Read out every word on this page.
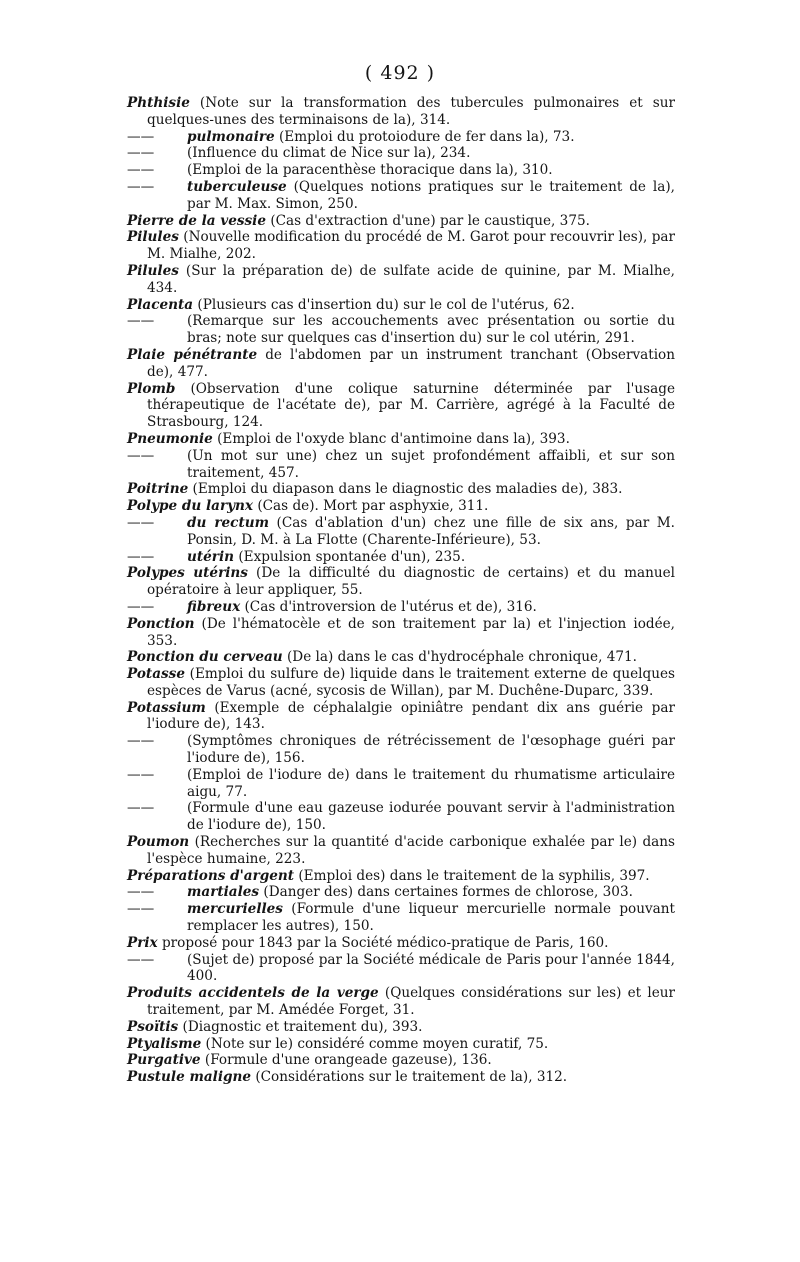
( 492 )

Phthisie (Note sur la transformation des tubercules pulmonaires et sur quelques-unes des terminaisons de la), 314.

—— pulmonaire (Emploi du protoiodure de fer dans la), 73.

—— (Influence du climat de Nice sur la), 234.

—— (Emploi de la paracenthèse thoracique dans la), 310.

—— tuberculeuse (Quelques notions pratiques sur le traitement de la), par M. Max. Simon, 250.

Pierre de la vessie (Cas d'extraction d'une) par le caustique, 375.

Pilules (Nouvelle modification du procédé de M. Garot pour recouvrir les), par M. Mialhe, 202.

Pilules (Sur la préparation de) de sulfate acide de quinine, par M. Mialhe, 434.

Placenta (Plusieurs cas d'insertion du) sur le col de l'utérus, 62.

—— (Remarque sur les accouchements avec présentation ou sortie du bras; note sur quelques cas d'insertion du) sur le col utérin, 291.

Plaie pénétrante de l'abdomen par un instrument tranchant (Observation de), 477.

Plomb (Observation d'une colique saturnine déterminée par l'usage thérapeutique de l'acétate de), par M. Carrière, agrégé à la Faculté de Strasbourg, 124.

Pneumonie (Emploi de l'oxyde blanc d'antimoine dans la), 393.

—— (Un mot sur une) chez un sujet profondément affaibli, et sur son traitement, 457.

Poitrine (Emploi du diapason dans le diagnostic des maladies de), 383.

Polype du larynx (Cas de). Mort par asphyxie, 311.

—— du rectum (Cas d'ablation d'un) chez une fille de six ans, par M. Ponsin, D. M. à La Flotte (Charente-Inférieure), 53.

—— utérin (Expulsion spontanée d'un), 235.

Polypes utérins (De la difficulté du diagnostic de certains) et du manuel opératoire à leur appliquer, 55.

—— fibreux (Cas d'introversion de l'utérus et de), 316.

Ponction (De l'hématocèle et de son traitement par la) et l'injection iodée, 353.

Ponction du cerveau (De la) dans le cas d'hydrocéphale chronique, 471.

Potasse (Emploi du sulfure de) liquide dans le traitement externe de quelques espèces de Varus (acné, sycosis de Willan), par M. Duchêne-Duparc, 339.

Potassium (Exemple de céphalalgie opiniâtre pendant dix ans guérie par l'iodure de), 143.

—— (Symptômes chroniques de rétrécissement de l'œsophage guéri par l'iodure de), 156.

—— (Emploi de l'iodure de) dans le traitement du rhumatisme articulaire aigu, 77.

—— (Formule d'une eau gazeuse iodurée pouvant servir à l'administration de l'iodure de), 150.

Poumon (Recherches sur la quantité d'acide carbonique exhalée par le) dans l'espèce humaine, 223.

Préparations d'argent (Emploi des) dans le traitement de la syphilis, 397.

—— martiales (Danger des) dans certaines formes de chlorose, 303.

—— mercurielles (Formule d'une liqueur mercurielle normale pouvant remplacer les autres), 150.

Prix proposé pour 1843 par la Société médico-pratique de Paris, 160.

—— (Sujet de) proposé par la Société médicale de Paris pour l'année 1844, 400.

Produits accidentels de la verge (Quelques considérations sur les) et leur traitement, par M. Amédée Forget, 31.

Psoïtis (Diagnostic et traitement du), 393.

Ptyalisme (Note sur le) considéré comme moyen curatif, 75.

Purgative (Formule d'une orangeade gazeuse), 136.

Pustule maligne (Considérations sur le traitement de la), 312.
